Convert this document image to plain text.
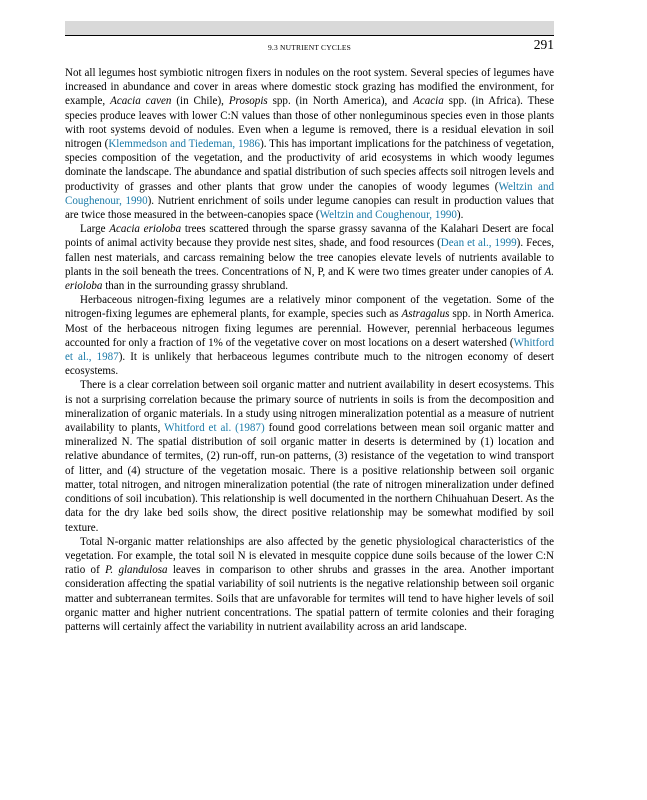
9.3 NUTRIENT CYCLES	291

Not all legumes host symbiotic nitrogen fixers in nodules on the root system. Several species of legumes have increased in abundance and cover in areas where domestic stock grazing has modified the environment, for example, Acacia caven (in Chile), Prosopis spp. (in North America), and Acacia spp. (in Africa). These species produce leaves with lower C:N values than those of other nonleguminous species even in those plants with root systems devoid of nodules. Even when a legume is removed, there is a residual elevation in soil nitrogen (Klemmedson and Tiedeman, 1986). This has important implications for the patchiness of vegetation, species composition of the vegetation, and the productivity of arid ecosystems in which woody legumes dominate the landscape. The abundance and spatial distribution of such species affects soil nitrogen levels and productivity of grasses and other plants that grow under the canopies of woody legumes (Weltzin and Coughenour, 1990). Nutrient enrichment of soils under legume canopies can result in production values that are twice those measured in the between-canopies space (Weltzin and Coughenour, 1990).

Large Acacia erioloba trees scattered through the sparse grassy savanna of the Kalahari Desert are focal points of animal activity because they provide nest sites, shade, and food resources (Dean et al., 1999). Feces, fallen nest materials, and carcass remaining below the tree canopies elevate levels of nutrients available to plants in the soil beneath the trees. Concentrations of N, P, and K were two times greater under canopies of A. erioloba than in the surrounding grassy shrubland.

Herbaceous nitrogen-fixing legumes are a relatively minor component of the vegetation. Some of the nitrogen-fixing legumes are ephemeral plants, for example, species such as Astragalus spp. in North America. Most of the herbaceous nitrogen fixing legumes are perennial. However, perennial herbaceous legumes accounted for only a fraction of 1% of the vegetative cover on most locations on a desert watershed (Whitford et al., 1987). It is unlikely that herbaceous legumes contribute much to the nitrogen economy of desert ecosystems.

There is a clear correlation between soil organic matter and nutrient availability in desert ecosystems. This is not a surprising correlation because the primary source of nutrients in soils is from the decomposition and mineralization of organic materials. In a study using nitrogen mineralization potential as a measure of nutrient availability to plants, Whitford et al. (1987) found good correlations between mean soil organic matter and mineralized N. The spatial distribution of soil organic matter in deserts is determined by (1) location and relative abundance of termites, (2) run-off, run-on patterns, (3) resistance of the vegetation to wind transport of litter, and (4) structure of the vegetation mosaic. There is a positive relationship between soil organic matter, total nitrogen, and nitrogen mineralization potential (the rate of nitrogen mineralization under defined conditions of soil incubation). This relationship is well documented in the northern Chihuahuan Desert. As the data for the dry lake bed soils show, the direct positive relationship may be somewhat modified by soil texture.

Total N-organic matter relationships are also affected by the genetic physiological characteristics of the vegetation. For example, the total soil N is elevated in mesquite coppice dune soils because of the lower C:N ratio of P. glandulosa leaves in comparison to other shrubs and grasses in the area. Another important consideration affecting the spatial variability of soil nutrients is the negative relationship between soil organic matter and subterranean termites. Soils that are unfavorable for termites will tend to have higher levels of soil organic matter and higher nutrient concentrations. The spatial pattern of termite colonies and their foraging patterns will certainly affect the variability in nutrient availability across an arid landscape.
